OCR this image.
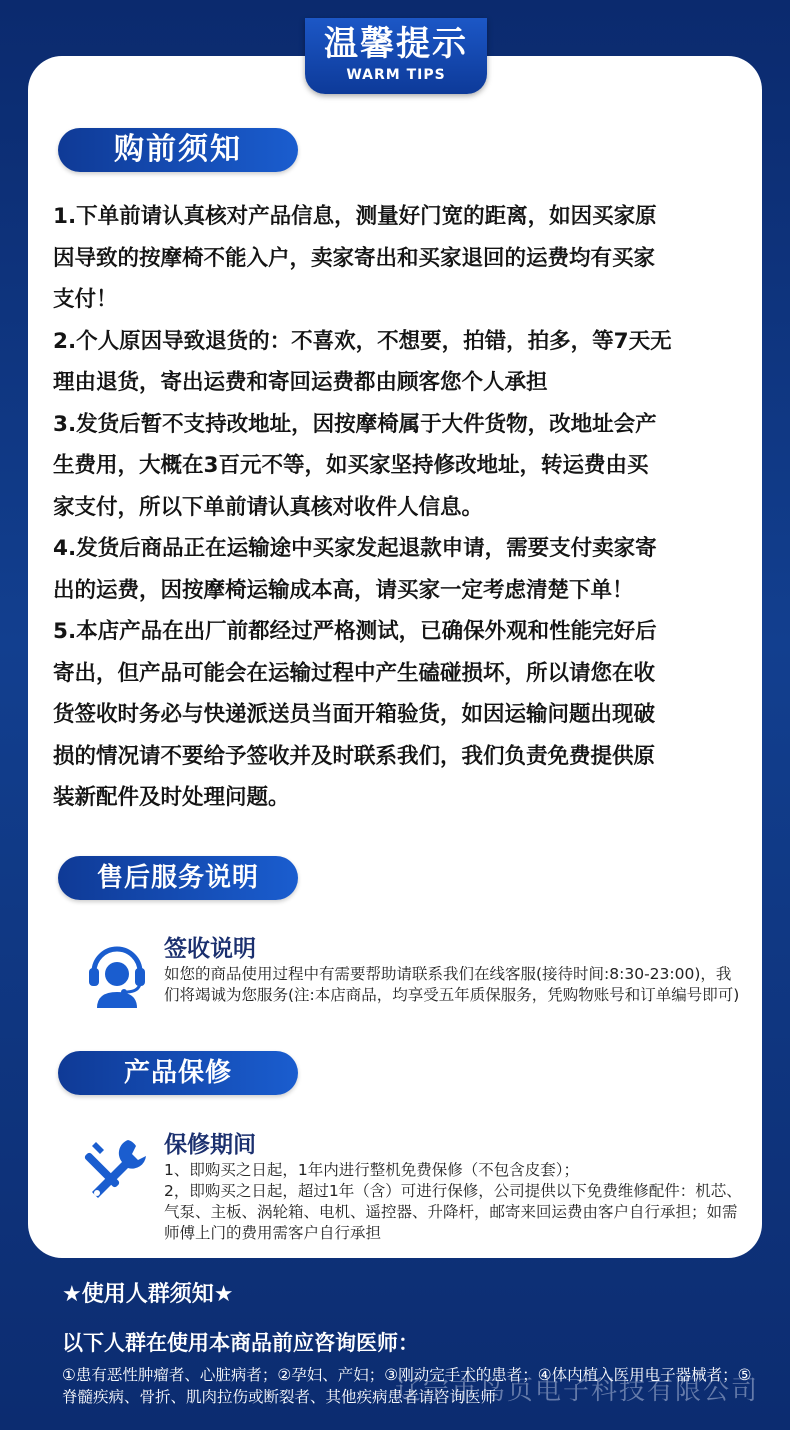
温馨提示
WARM TIPS
购前须知

1.下单前请认真核对产品信息，测量好门宽的距离，如因买家原

因导致的按摩椅不能入户，卖家寄出和买家退回的运费均有买家

支付！

2.个人原因导致退货的：不喜欢，不想要，拍错，拍多，等7天无

理由退货，寄出运费和寄回运费都由顾客您个人承担

3.发货后暂不支持改地址，因按摩椅属于大件货物，改地址会产

生费用，大概在3百元不等，如买家坚持修改地址，转运费由买

家支付，所以下单前请认真核对收件人信息。

4.发货后商品正在运输途中买家发起退款申请，需要支付卖家寄

出的运费，因按摩椅运输成本高，请买家一定考虑清楚下单！

5.本店产品在出厂前都经过严格测试，已确保外观和性能完好后

寄出，但产品可能会在运输过程中产生磕碰损坏，所以请您在收

货签收时务必与快递派送员当面开箱验货，如因运输问题出现破

损的情况请不要给予签收并及时联系我们，我们负责免费提供原

装新配件及时处理问题。

售后服务说明
签收说明
如您的商品使用过程中有需要帮助请联系我们在线客服(接待时间:8:30-23:00)，我们将竭诚为您服务(注:本店商品，均享受五年质保服务，凭购物账号和订单编号即可)
产品保修
保修期间
1、即购买之日起，1年内进行整机免费保修（不包含皮套）；
2，即购买之日起，超过1年（含）可进行保修，公司提供以下免费维修配件：机芯、气泵、主板、涡轮箱、电机、遥控器、升降杆，邮寄来回运费由客户自行承担；如需师傅上门的费用需客户自行承担
★使用人群须知★
以下人群在使用本商品前应咨询医师：
①患有恶性肿瘤者、心脏病者；②孕妇、产妇；③刚动完手术的患者；④体内植入医用电子器械者；⑤脊髓疾病、骨折、肌肉拉伤或断裂者、其他疾病患者请咨询医师
辽宁市鸟页电子科技有限公司
